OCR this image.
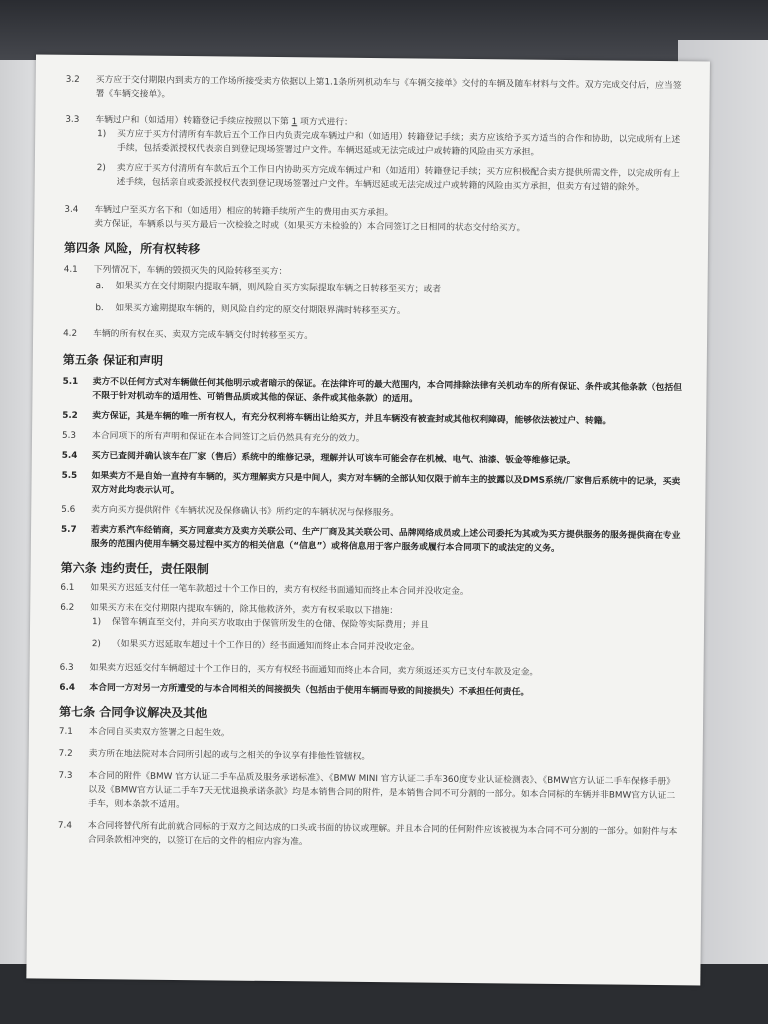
3.2	买方应于交付期限内到卖方的工作场所接受卖方依据以上第1.1条所列机动车与《车辆交接单》交付的车辆及随车材料与文件。双方完成交付后，应当签署《车辆交接单》。

3.3	车辆过户和（如适用）转籍登记手续应按照以下第 1 项方式进行：

1) 买方应于买方付清所有车款后五个工作日内负责完成车辆过户和（如适用）转籍登记手续；卖方应该给予买方适当的合作和协助，以完成所有上述手续，包括委派授权代表亲自到登记现场签署过户文件。车辆迟延或无法完成过户或转籍的风险由买方承担。

2) 卖方应于买方付清所有车款后五个工作日内协助买方完成车辆过户和（如适用）转籍登记手续；买方应积极配合卖方提供所需文件，以完成所有上述手续，包括亲自或委派授权代表到登记现场签署过户文件。车辆迟延或无法完成过户或转籍的风险由买方承担，但卖方有过错的除外。

3.4	车辆过户至买方名下和（如适用）相应的转籍手续所产生的费用由买方承担。

卖方保证，车辆系以与买方最后一次检验之时或（如果买方未检验的）本合同签订之日相同的状态交付给买方。

第四条 风险，所有权转移

4.1	下列情况下，车辆的毁损灭失的风险转移至买方：

a. 如果买方在交付期限内提取车辆，则风险自买方实际提取车辆之日转移至买方；或者

b. 如果买方逾期提取车辆的，则风险自约定的原交付期限界满时转移至买方。

4.2	车辆的所有权在买、卖双方完成车辆交付时转移至买方。

第五条 保证和声明

5.1	卖方不以任何方式对车辆做任何其他明示或者暗示的保证。在法律许可的最大范围内，本合同排除法律有关机动车的所有保证、条件或其他条款（包括但不限于针对机动车的适用性、可销售品质或其他的保证、条件或其他条款）的适用。

5.2	卖方保证，其是车辆的唯一所有权人，有充分权利将车辆出让给买方，并且车辆没有被查封或其他权利障碍，能够依法被过户、转籍。

5.3	本合同项下的所有声明和保证在本合同签订之后仍然具有充分的效力。

5.4	买方已查阅并确认该车在厂家（售后）系统中的维修记录，理解并认可该车可能会存在机械、电气、油漆、钣金等维修记录。

5.5	如果卖方不是自始一直持有车辆的，买方理解卖方只是中间人，卖方对车辆的全部认知仅限于前车主的披露以及DMS系统/厂家售后系统中的记录，买卖双方对此均表示认可。

5.6	卖方向买方提供附件《车辆状况及保修确认书》所约定的车辆状况与保修服务。

5.7	若卖方系汽车经销商，买方同意卖方及卖方关联公司、生产厂商及其关联公司、品牌网络成员或上述公司委托为其或为买方提供服务的服务提供商在专业服务的范围内使用车辆交易过程中买方的相关信息（“信息”）或将信息用于客户服务或履行本合同项下的或法定的义务。

第六条 违约责任，责任限制

6.1	如果买方迟延支付任一笔车款超过十个工作日的，卖方有权经书面通知而终止本合同并没收定金。

6.2	如果买方未在交付期限内提取车辆的，除其他救济外，卖方有权采取以下措施：

1) 保管车辆直至交付，并向买方收取由于保管所发生的仓储、保险等实际费用；并且

2) （如果买方迟延取车超过十个工作日的）经书面通知而终止本合同并没收定金。

6.3	如果卖方迟延交付车辆超过十个工作日的，买方有权经书面通知而终止本合同，卖方须返还买方已支付车款及定金。

6.4	本合同一方对另一方所遭受的与本合同相关的间接损失（包括由于使用车辆而导致的间接损失）不承担任何责任。

第七条 合同争议解决及其他

7.1	本合同自买卖双方签署之日起生效。

7.2	卖方所在地法院对本合同所引起的或与之相关的争议享有排他性管辖权。

7.3	本合同的附件《BMW 官方认证二手车品质及服务承诺标准》、《BMW MINI 官方认证二手车360度专业认证检测表》、《BMW官方认证二手车保修手册》以及《BMW官方认证二手车7天无忧退换承诺条款》均是本销售合同的附件，是本销售合同不可分割的一部分。如本合同标的车辆并非BMW官方认证二手车，则本条款不适用。

7.4	本合同将替代所有此前就合同标的于双方之间达成的口头或书面的协议或理解。并且本合同的任何附件应该被视为本合同不可分割的一部分。如附件与本合同条款相冲突的，以签订在后的文件的相应内容为准。
